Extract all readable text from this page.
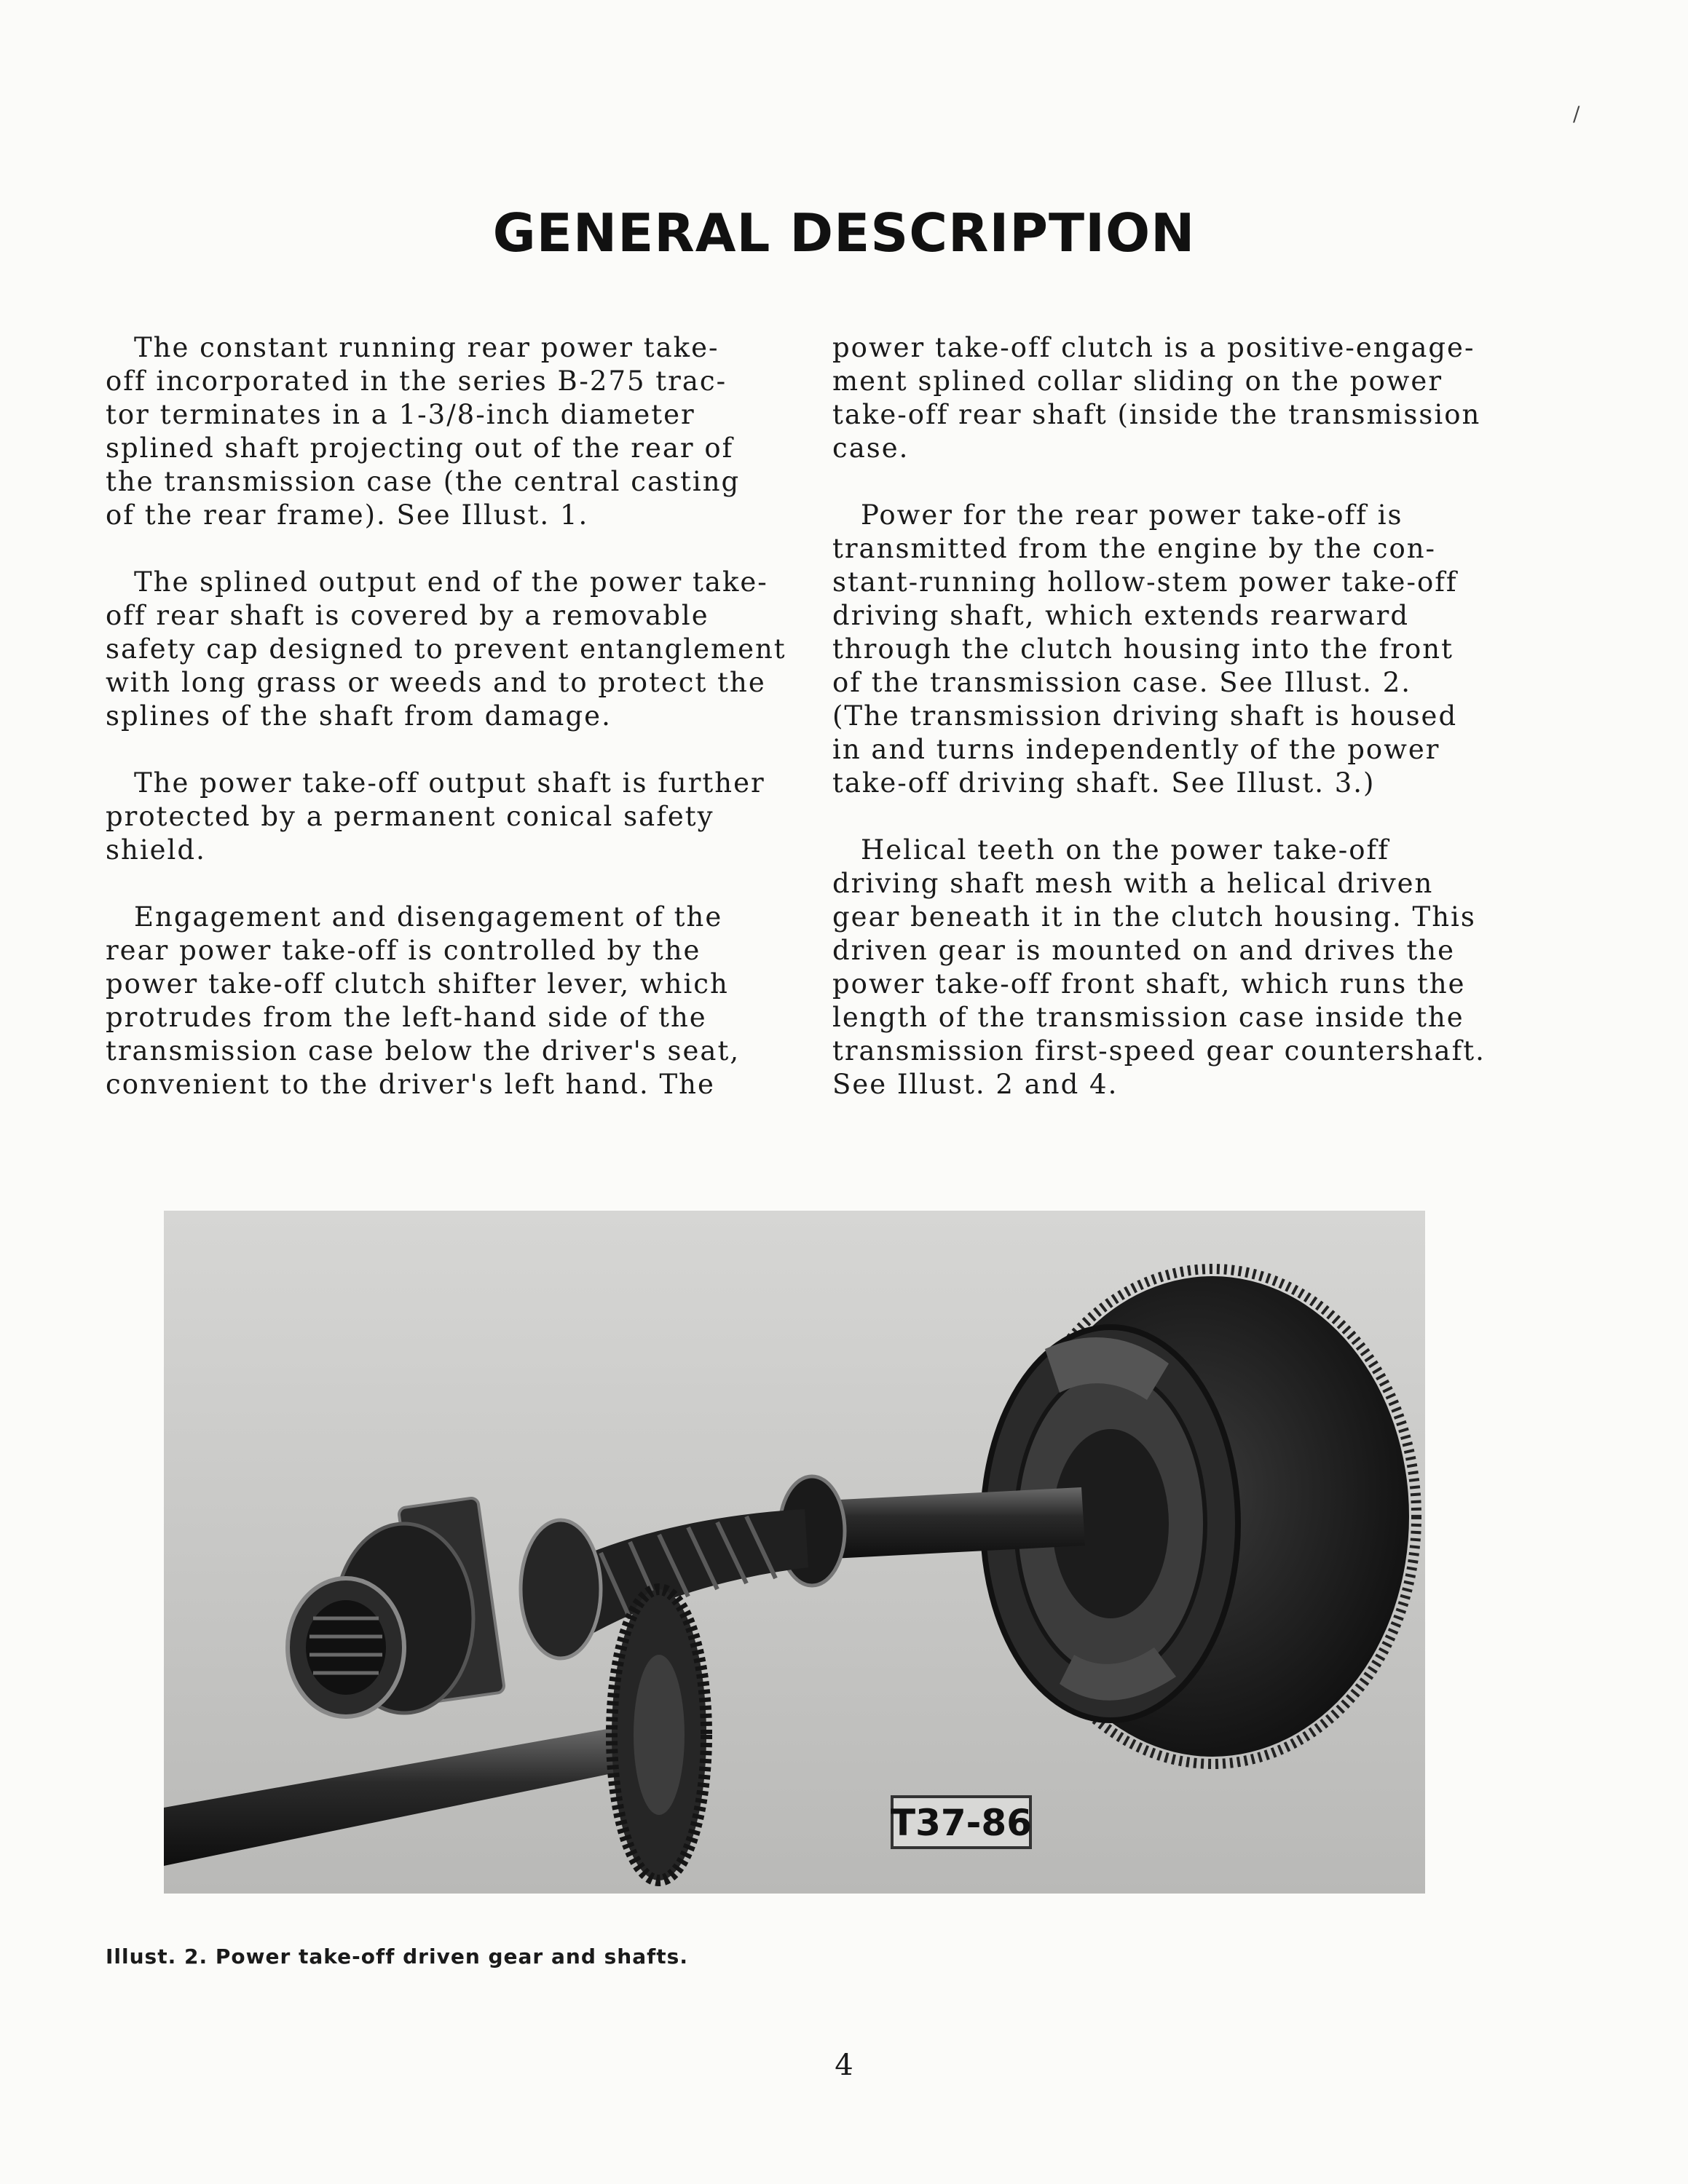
/
GENERAL DESCRIPTION

 The constant running rear power take-
off incorporated in the series B-275 trac-
tor terminates in a 1-3/8-inch diameter
splined shaft projecting out of the rear of
the transmission case (the central casting
of the rear frame). See Illust. 1.

 The splined output end of the power take-
off rear shaft is covered by a removable
safety cap designed to prevent entanglement
with long grass or weeds and to protect the
splines of the shaft from damage.

 The power take-off output shaft is further
protected by a permanent conical safety
shield.

 Engagement and disengagement of the
rear power take-off is controlled by the
power take-off clutch shifter lever, which
protrudes from the left-hand side of the
transmission case below the driver's seat,
convenient to the driver's left hand. The

power take-off clutch is a positive-engage-
ment splined collar sliding on the power
take-off rear shaft (inside the transmission
case.

 Power for the rear power take-off is
transmitted from the engine by the con-
stant-running hollow-stem power take-off
driving shaft, which extends rearward
through the clutch housing into the front
of the transmission case. See Illust. 2.
(The transmission driving shaft is housed
in and turns independently of the power
take-off driving shaft. See Illust. 3.)

 Helical teeth on the power take-off
driving shaft mesh with a helical driven
gear beneath it in the clutch housing. This
driven gear is mounted on and drives the
power take-off front shaft, which runs the
length of the transmission case inside the
transmission first-speed gear countershaft.
See Illust. 2 and 4.

T37-86

Illust. 2. Power take-off driven gear and shafts.

4
